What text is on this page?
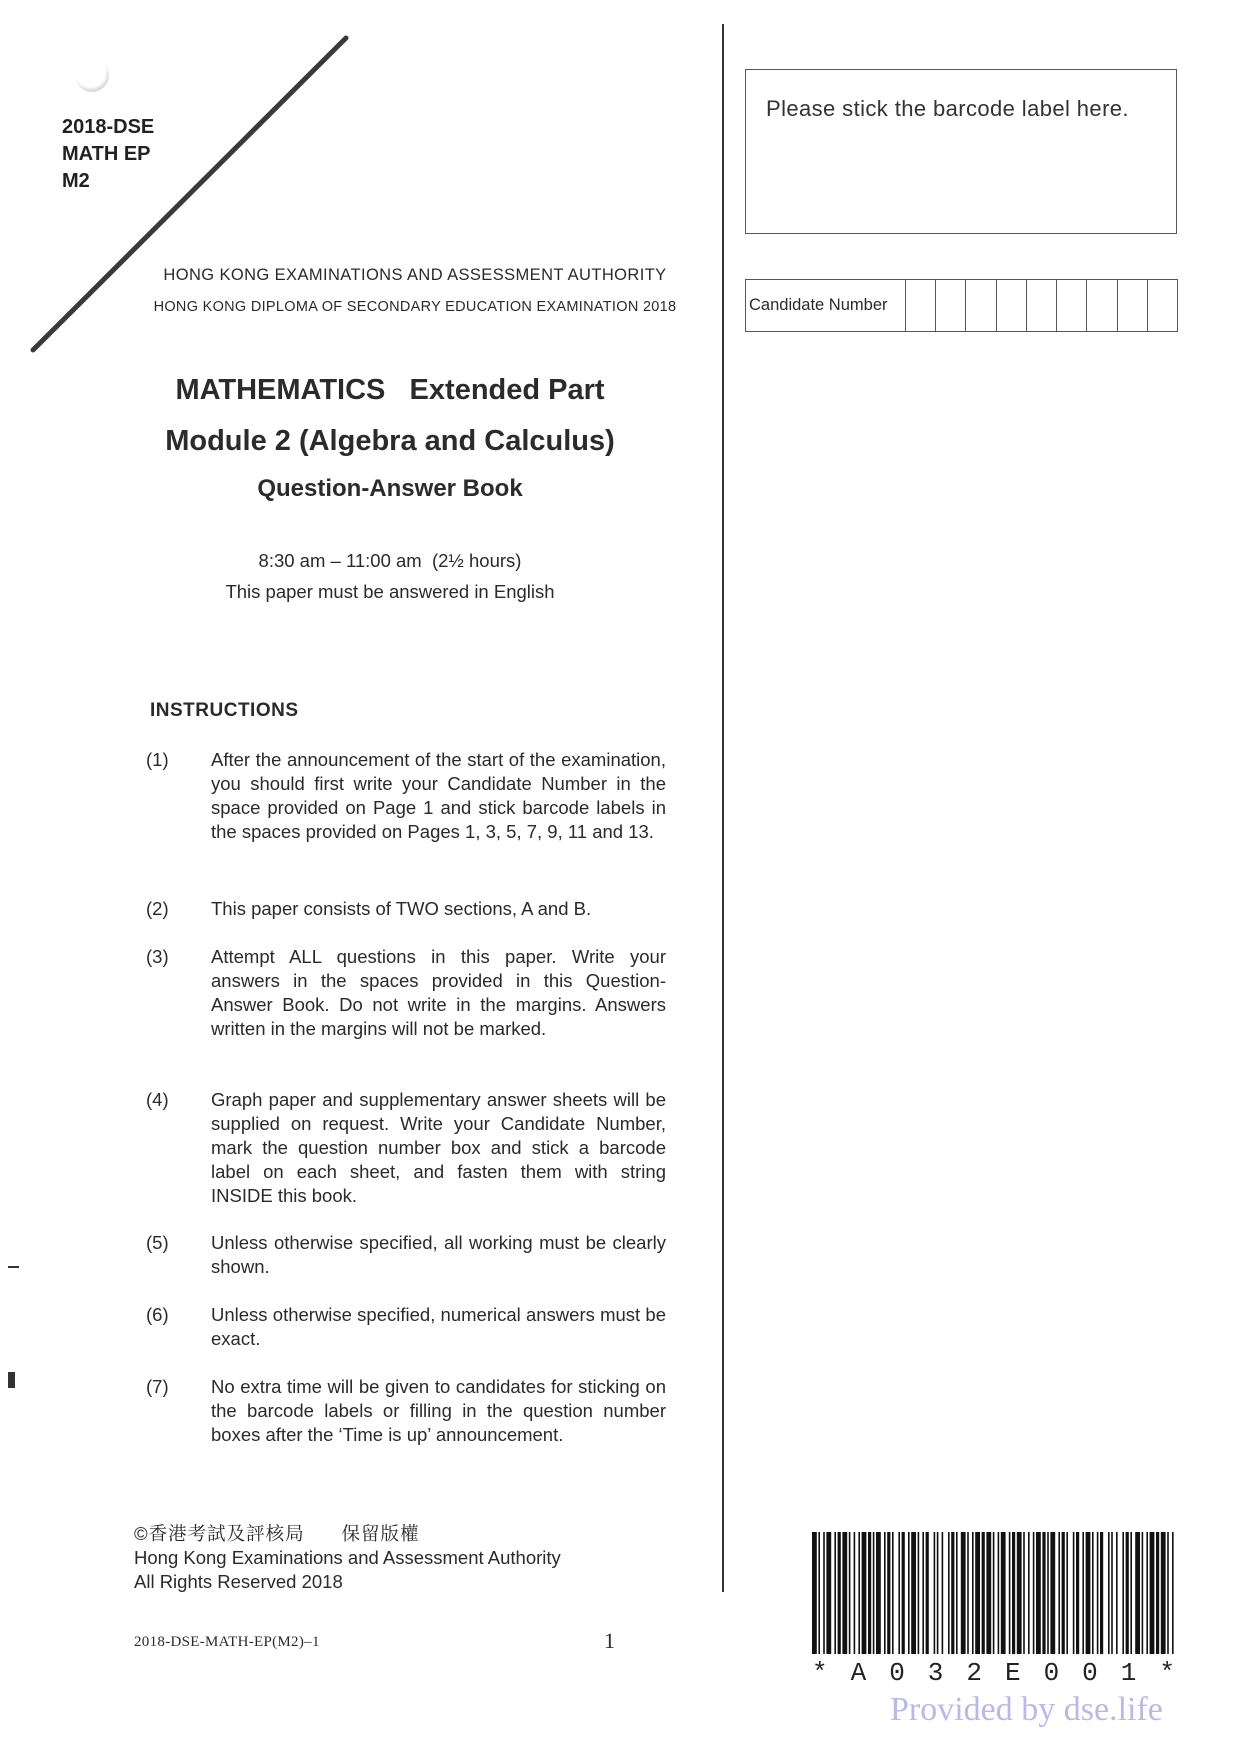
2018-DSE
MATH EP
M2
HONG KONG EXAMINATIONS AND ASSESSMENT AUTHORITY
HONG KONG DIPLOMA OF SECONDARY EDUCATION EXAMINATION 2018
MATHEMATICS   Extended Part
Module 2 (Algebra and Calculus)
Question-Answer Book
8:30 am – 11:00 am  (2½ hours)
This paper must be answered in English
INSTRUCTIONS
(1) After the announcement of the start of the examination, you should first write your Candidate Number in the space provided on Page 1 and stick barcode labels in the spaces provided on Pages 1, 3, 5, 7, 9, 11 and 13.
(2) This paper consists of TWO sections, A and B.
(3) Attempt ALL questions in this paper. Write your answers in the spaces provided in this Question-Answer Book. Do not write in the margins. Answers written in the margins will not be marked.
(4) Graph paper and supplementary answer sheets will be supplied on request. Write your Candidate Number, mark the question number box and stick a barcode label on each sheet, and fasten them with string INSIDE this book.
(5) Unless otherwise specified, all working must be clearly shown.
(6) Unless otherwise specified, numerical answers must be exact.
(7) No extra time will be given to candidates for sticking on the barcode labels or filling in the question number boxes after the ‘Time is up’ announcement.
©香港考試及評核局      保留版權
Hong Kong Examinations and Assessment Authority
All Rights Reserved 2018
2018-DSE-MATH-EP(M2)–1	1
Please stick the barcode label here.
Candidate Number
* A 0 3 2 E 0 0 1 *
Provided by dse.life
